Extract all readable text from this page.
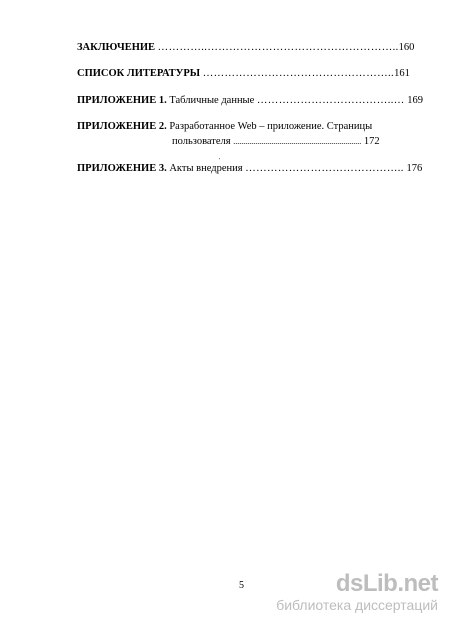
ЗАКЛЮЧЕНИЕ …………..……………………………………………..160
СПИСОК ЛИТЕРАТУРЫ ……………………………………………..161
ПРИЛОЖЕНИЕ 1. Табличные данные ………………………………..… 169
ПРИЛОЖЕНИЕ 2. Разработанное Web – приложение. Страницы
пользователя ................................................................ 172
'
ПРИЛОЖЕНИЕ 3. Акты внедрения …………………………………….. 176
5	dsLib.net
библиотека диссертаций
